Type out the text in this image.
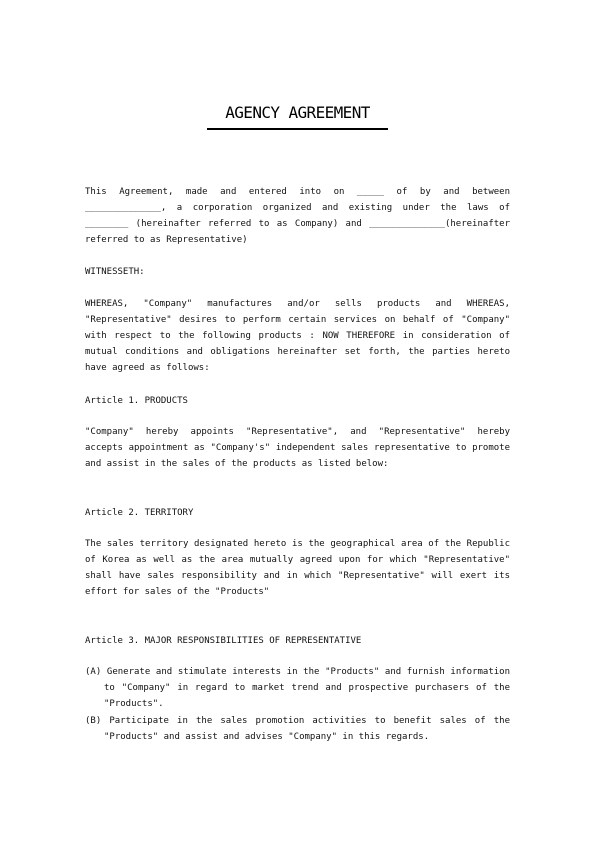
AGENCY AGREEMENT

This Agreement, made and entered into on _____ of by and between ______________, a corporation organized and existing under the laws of ________ (hereinafter referred to as Company) and ______________(hereinafter referred to as Representative)

WITNESSETH:

WHEREAS, "Company" manufactures and/or sells products and WHEREAS, "Representative" desires to perform certain services on behalf of "Company" with respect to the following products : NOW THEREFORE in consideration of mutual conditions and obligations hereinafter set forth, the parties hereto have agreed as follows:

Article 1. PRODUCTS

"Company" hereby appoints "Representative", and "Representative" hereby accepts appointment as "Company's" independent sales representative to promote and assist in the sales of the products as listed below:

Article 2. TERRITORY

The sales territory designated hereto is the geographical area of the Republic of Korea as well as the area mutually agreed upon for which "Representative" shall have sales responsibility and in which "Representative" will exert its effort for sales of the "Products"

Article 3. MAJOR RESPONSIBILITIES OF REPRESENTATIVE

(A) Generate and stimulate interests in the "Products" and furnish information to "Company" in regard to market trend and prospective purchasers of the "Products".

(B) Participate in the sales promotion activities to benefit sales of the "Products" and assist and advises "Company" in this regards.
